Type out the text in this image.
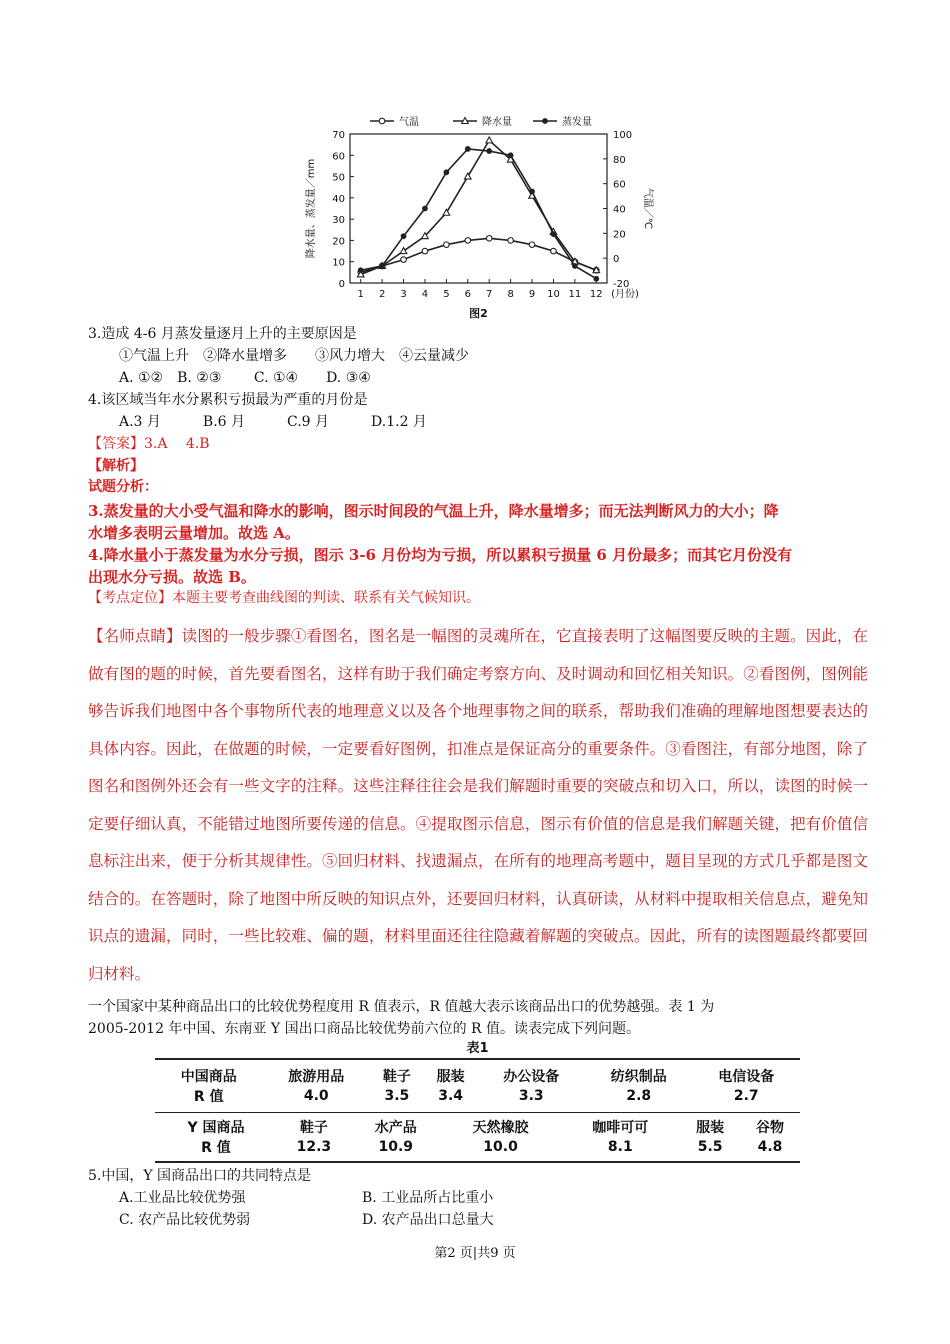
0
10
20
30
40
50
60
70
-20
0
20
40
60
80
100
1 2 3 4 5 6 7 8 9 10 11 12 (月份)
降水量、蒸发量／mm	气温／℃
图2
气温	降水量	蒸发量
3.造成 4-6 月蒸发量逐月上升的主要原因是
①气温上升　②降水量增多　　③风力增大　④云量减少
A. ①②　B. ②③　　 C. ①④　　D. ③④
4.该区域当年水分累积亏损最为严重的月份是
A.3 月　　　B.6 月　　　C.9 月　　　D.1.2 月
【答案】3.A　 4.B
【解析】
试题分析：
3.蒸发量的大小受气温和降水的影响，图示时间段的气温上升，降水量增多；而无法判断风力的大小；降
水增多表明云量增加。故选 A。
4.降水量小于蒸发量为水分亏损，图示 3-6 月份均为亏损，所以累积亏损量 6 月份最多；而其它月份没有
出现水分亏损。故选 B。
【考点定位】本题主要考查曲线图的判读、联系有关气候知识。
【名师点睛】读图的一般步骤①看图名，图名是一幅图的灵魂所在，它直接表明了这幅图要反映的主题。因此，在做有图的题的时候，首先要看图名，这样有助于我们确定考察方向、及时调动和回忆相关知识。②看图例，图例能够告诉我们地图中各个事物所代表的地理意义以及各个地理事物之间的联系，帮助我们准确的理解地图想要表达的具体内容。因此，在做题的时候，一定要看好图例，扣准点是保证高分的重要条件。③看图注，有部分地图，除了图名和图例外还会有一些文字的注释。这些注释往往会是我们解题时重要的突破点和切入口，所以，读图的时候一定要仔细认真，不能错过地图所要传递的信息。④提取图示信息，图示有价值的信息是我们解题关键，把有价值信息标注出来，便于分析其规律性。⑤回归材料、找遗漏点，在所有的地理高考题中，题目呈现的方式几乎都是图文结合的。在答题时，除了地图中所反映的知识点外，还要回归材料，认真研读，从材料中提取相关信息点，避免知识点的遗漏，同时，一些比较难、偏的题，材料里面还往往隐藏着解题的突破点。因此，所有的读图题最终都要回归材料。
一个国家中某种商品出口的比较优势程度用 R 值表示，R 值越大表示该商品出口的优势越强。表 1 为
2005-2012 年中国、东南亚 Y 国出口商品比较优势前六位的 R 值。读表完成下列问题。
表1
中国商品	旅游用品	鞋子	服装	办公设备	纺织制品	电信设备
R 值	4.0	3.5	3.4	3.3	2.8	2.7
Y 国商品	鞋子	水产品	天然橡胶	咖啡可可	服装	谷物
R 值	12.3	10.9	10.0	8.1	5.5	4.8
5.中国，Y 国商品出口的共同特点是
A.工业品比较优势强	B. 工业品所占比重小
C. 农产品比较优势弱	D. 农产品出口总量大
第2 页|共9 页
